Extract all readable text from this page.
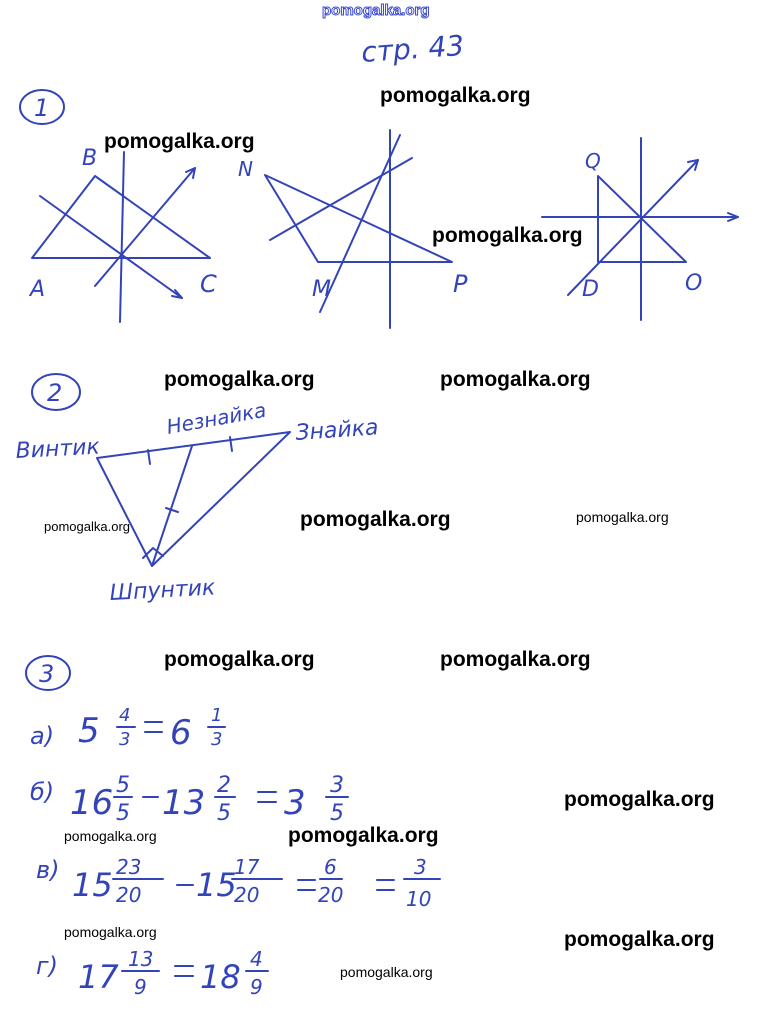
стр. 43
1
B
A	C
N
M	P
Q
D	O
2
Винтик
Незнайка Знайка
Шпунтик
3
а) 5 4
3 6 1
3
б) 16 5
5 13 2
5 3 3
5
в) 15 23
20 15
17
20
6
20
3
10
г) 17 13
9 18 4
9
pomogalka.org
pomogalka.org
pomogalka.org
pomogalka.org
pomogalka.org	pomogalka.org
pomogalka.org	pomogalka.org	pomogalka.org
pomogalka.org	pomogalka.org
pomogalka.org
pomogalka.org	pomogalka.org
pomogalka.org	pomogalka.org
pomogalka.org
